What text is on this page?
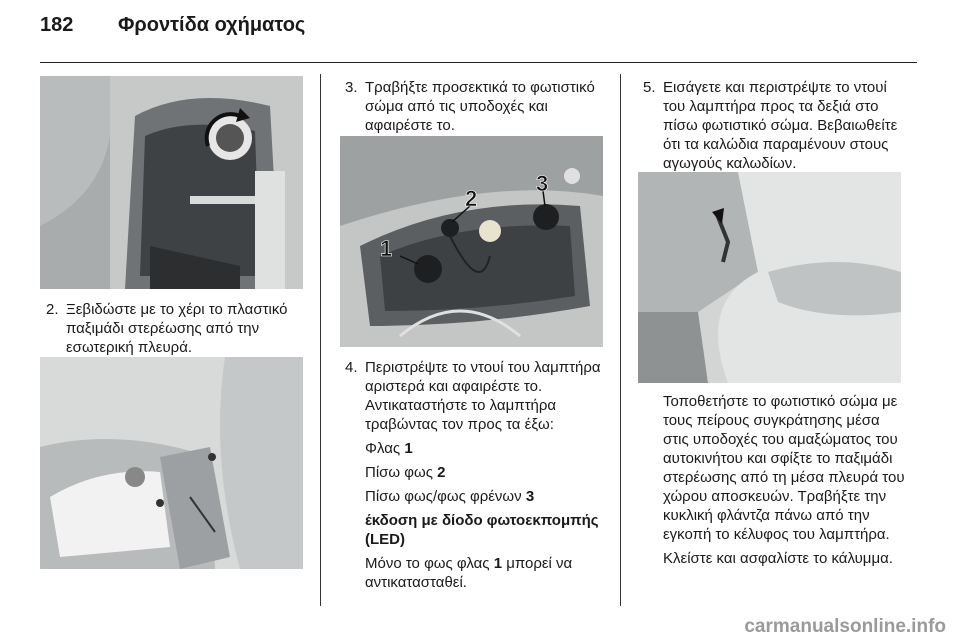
182 Φροντίδα οχήματος
2. Ξεβιδώστε με το χέρι το πλαστικό παξιμάδι στερέωσης από την εσωτερική πλευρά.
3. Τραβήξτε προσεκτικά το φωτιστικό σώμα από τις υποδοχές και αφαιρέστε το.
1
2
3
4. Περιστρέψτε το ντουί του λαμπτήρα αριστερά και αφαιρέστε το. Αντικαταστήστε το λαμπτήρα τραβώντας τον προς τα έξω:
Φλας 1
Πίσω φως 2
Πίσω φως/φως φρένων 3
έκδοση με δίοδο φωτοεκπομπής (LED)
Μόνο το φως φλας 1 μπορεί να αντικατασταθεί.
5. Εισάγετε και περιστρέψτε το ντουί του λαμπτήρα προς τα δεξιά στο πίσω φωτιστικό σώμα. Βεβαιωθείτε ότι τα καλώδια παραμένουν στους αγωγούς καλωδίων.
Τοποθετήστε το φωτιστικό σώμα με τους πείρους συγκράτησης μέσα στις υποδοχές του αμαξώματος του αυτοκινήτου και σφίξτε το παξιμάδι στερέωσης από τη μέσα πλευρά του χώρου αποσκευών. Τραβήξτε την κυκλική φλάντζα πάνω από την εγκοπή το κέλυφος του λαμπτήρα.
Κλείστε και ασφαλίστε το κάλυμμα.
carmanualsonline.info
